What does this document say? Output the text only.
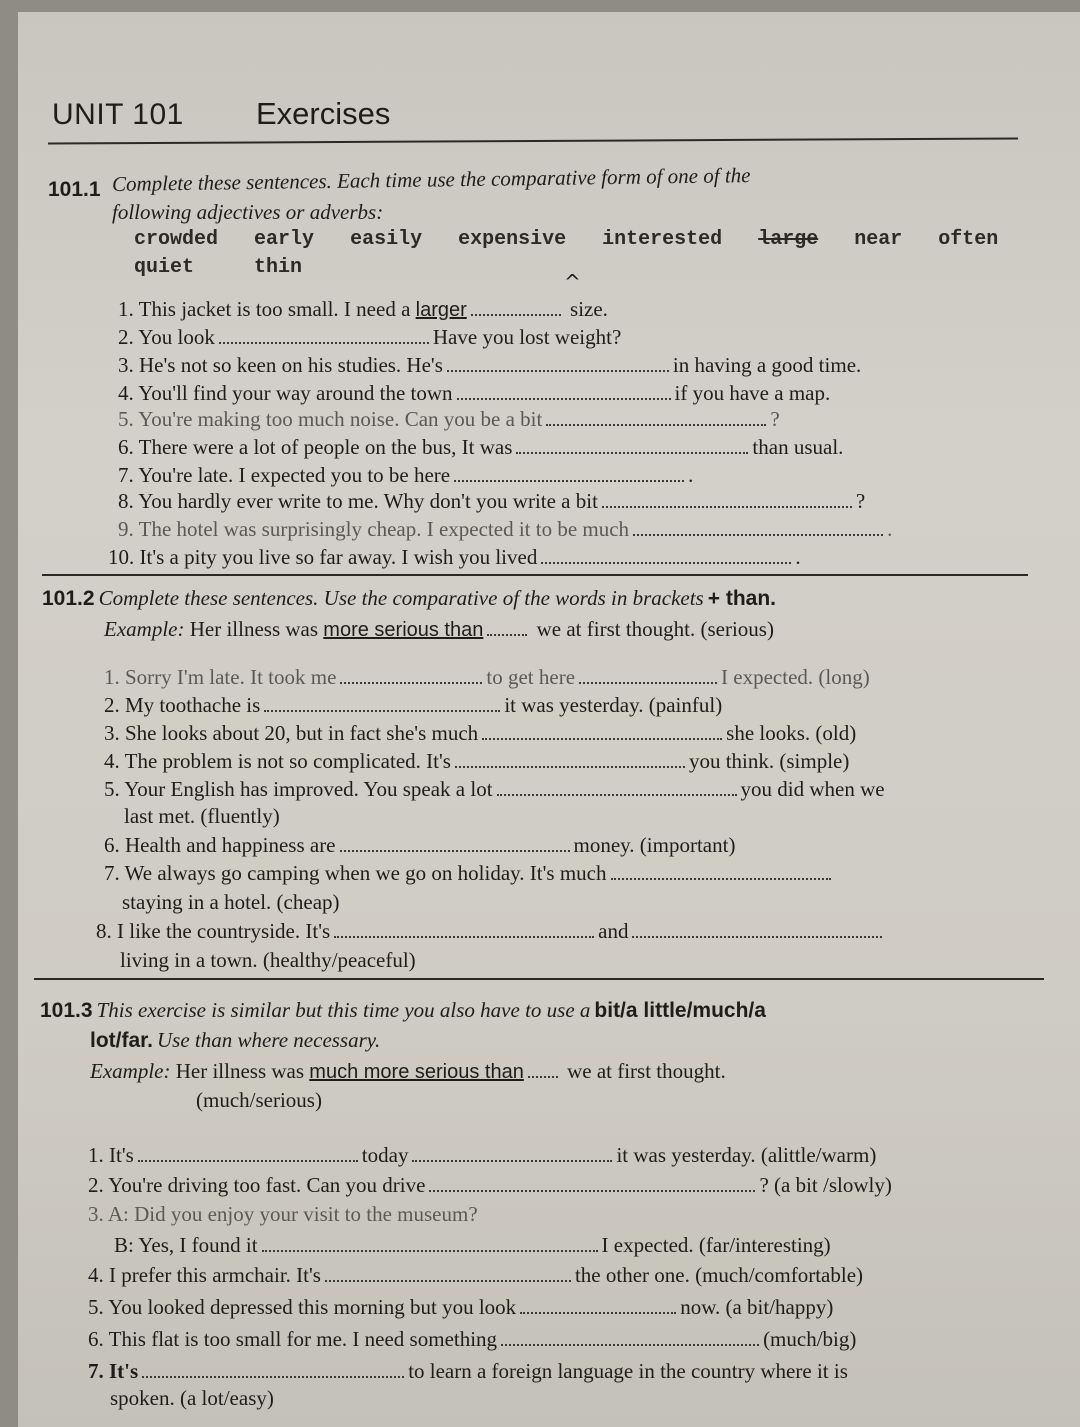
UNIT 101 Exercises
101.1 Complete these sentences. Each time use the comparative form of one of the
following adjectives or adverbs:
crowded early easily expensive interested large near often
quiet	thin
^
1. This jacket is too small. I need a larger	size.
2. You look	Have you lost weight?
3. He's not so keen on his studies. He's	in having a good time.
4. You'll find your way around the town	if you have a map.
5. You're making too much noise. Can you be a bit	?
6. There were a lot of people on the bus, It was	than usual.
7. You're late. I expected you to be here	.
8. You hardly ever write to me. Why don't you write a bit	?
9. The hotel was surprisingly cheap. I expected it to be much	.
10. It's a pity you live so far away. I wish you lived	.
101.2 Complete these sentences. Use the comparative of the words in brackets + than.
Example: Her illness was more serious than	we at first thought. (serious)
1. Sorry I'm late. It took me	to get here	I expected. (long)
2. My toothache is	it was yesterday. (painful)
3. She looks about 20, but in fact she's much	she looks. (old)
4. The problem is not so complicated. It's	you think. (simple)
5. Your English has improved. You speak a lot	you did when we
last met. (fluently)
6. Health and happiness are	money. (important)
7. We always go camping when we go on holiday. It's much
staying in a hotel. (cheap)
8. I like the countryside. It's	and
living in a town. (healthy/peaceful)
101.3 This exercise is similar but this time you also have to use a bit/a little/much/a
lot/far. Use than where necessary.
Example: Her illness was much more serious than we at first thought.
(much/serious)
1. It's	today	it was yesterday. (alittle/warm)
2. You're driving too fast. Can you drive	? (a bit /slowly)
3. A: Did you enjoy your visit to the museum?
B: Yes, I found it	I expected. (far/interesting)
4. I prefer this armchair. It's	the other one. (much/comfortable)
5. You looked depressed this morning but you look	now. (a bit/happy)
6. This flat is too small for me. I need something	(much/big)
7. It's	to learn a foreign language in the country where it is
spoken. (a lot/easy)
